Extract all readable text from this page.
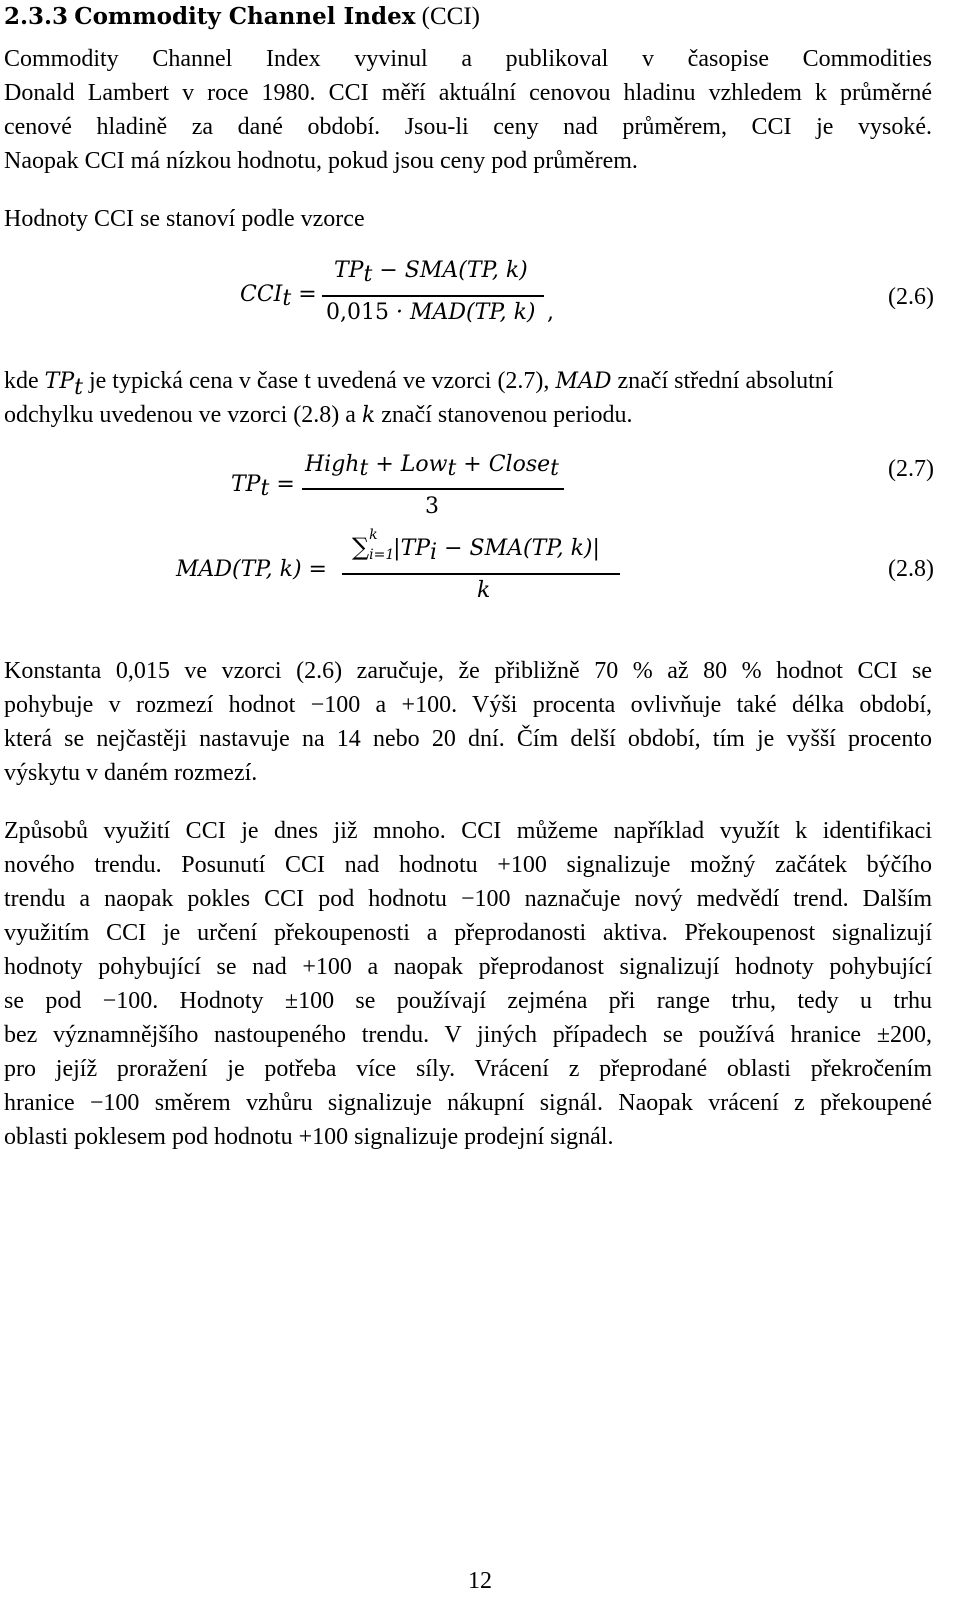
2.3.3 Commodity Channel Index (CCI)
Commodity Channel Index vyvinul a publikoval v časopise Commodities
Donald Lambert v roce 1980. CCI měří aktuální cenovou hladinu vzhledem k průměrné
cenové hladině za dané období. Jsou-li ceny nad průměrem, CCI je vysoké.
Naopak CCI má nízkou hodnotu, pokud jsou ceny pod průměrem.
Hodnoty CCI se stanoví podle vzorce
$CCI_t$ =
$TP_t - SMA(TP$, k)
0,015 · MAD(TP, k) ,
(2.6)
kde $TP_t$ je typická cena v čase t uvedená ve vzorci (2.7), MAD značí střední absolutní
odchylku uvedenou ve vzorci (2.8) a k značí stanovenou periodu.
$TP_t$ =
High$_t$ + Low$_t$ + Close$_t$
3
(2.7)
MAD(TP, k) =
∑ k
i=1
$|TP_i - SMA(TP$, k)|
k
(2.8)
Konstanta 0,015 ve vzorci (2.6) zaručuje, že přibližně 70 % až 80 % hodnot CCI se
pohybuje v rozmezí hodnot −100 a +100. Výši procenta ovlivňuje také délka období,
která se nejčastěji nastavuje na 14 nebo 20 dní. Čím delší období, tím je vyšší procento
výskytu v daném rozmezí.
Způsobů využití CCI je dnes již mnoho. CCI můžeme například využít k identifikaci
nového trendu. Posunutí CCI nad hodnotu +100 signalizuje možný začátek býčího
trendu a naopak pokles CCI pod hodnotu −100 naznačuje nový medvědí trend. Dalším
využitím CCI je určení překoupenosti a přeprodanosti aktiva. Překoupenost signalizují
hodnoty pohybující se nad +100 a naopak přeprodanost signalizují hodnoty pohybující
se pod −100. Hodnoty ±100 se používají zejména při range trhu, tedy u trhu
bez významnějšího nastoupeného trendu. V jiných případech se používá hranice ±200,
pro jejíž proražení je potřeba více síly. Vrácení z přeprodané oblasti překročením
hranice −100 směrem vzhůru signalizuje nákupní signál. Naopak vrácení z překoupené
oblasti poklesem pod hodnotu +100 signalizuje prodejní signál.
12
